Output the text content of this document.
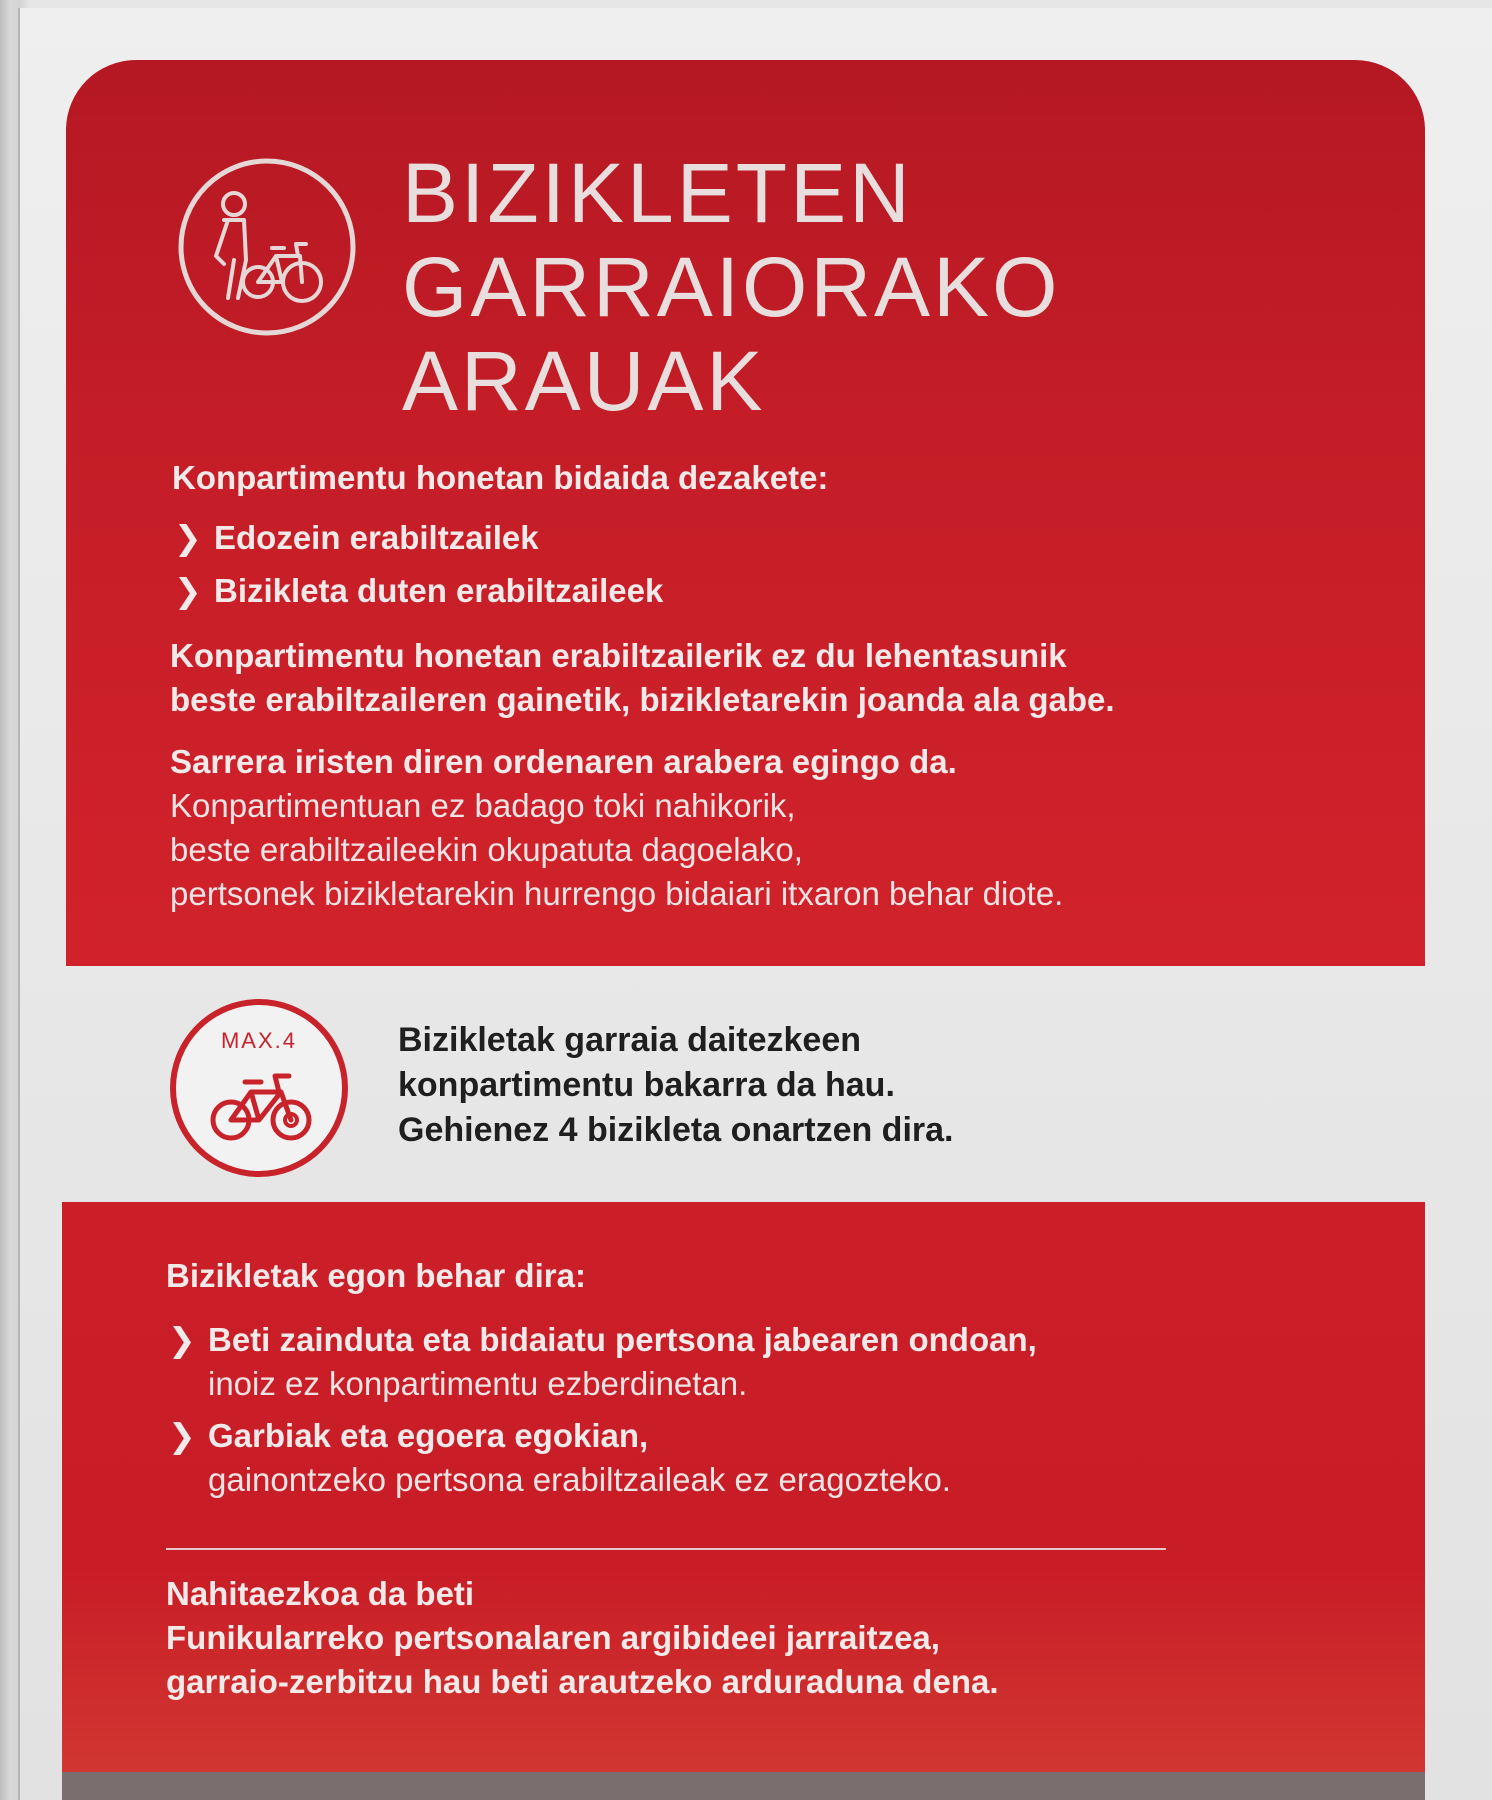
BIZIKLETEN
GARRAIORAKO
ARAUAK
Konpartimentu honetan bidaida dezakete:
❯ Edozein erabiltzailek
❯ Bizikleta duten erabiltzaileek
Konpartimentu honetan erabiltzailerik ez du lehentasunik
beste erabiltzaileren gainetik, bizikletarekin joanda ala gabe.
Sarrera iristen diren ordenaren arabera egingo da.
Konpartimentuan ez badago toki nahikorik,
beste erabiltzaileekin okupatuta dagoelako,
pertsonek bizikletarekin hurrengo bidaiari itxaron behar diote.
MAX.4	Bizikletak garraia daitezkeen
konpartimentu bakarra da hau.
Gehienez 4 bizikleta onartzen dira.
Bizikletak egon behar dira:
❯ Beti zainduta eta bidaiatu pertsona jabearen ondoan,
inoiz ez konpartimentu ezberdinetan.
❯ Garbiak eta egoera egokian,
gainontzeko pertsona erabiltzaileak ez eragozteko.
Nahitaezkoa da beti
Funikularreko pertsonalaren argibideei jarraitzea,
garraio-zerbitzu hau beti arautzeko arduraduna dena.
